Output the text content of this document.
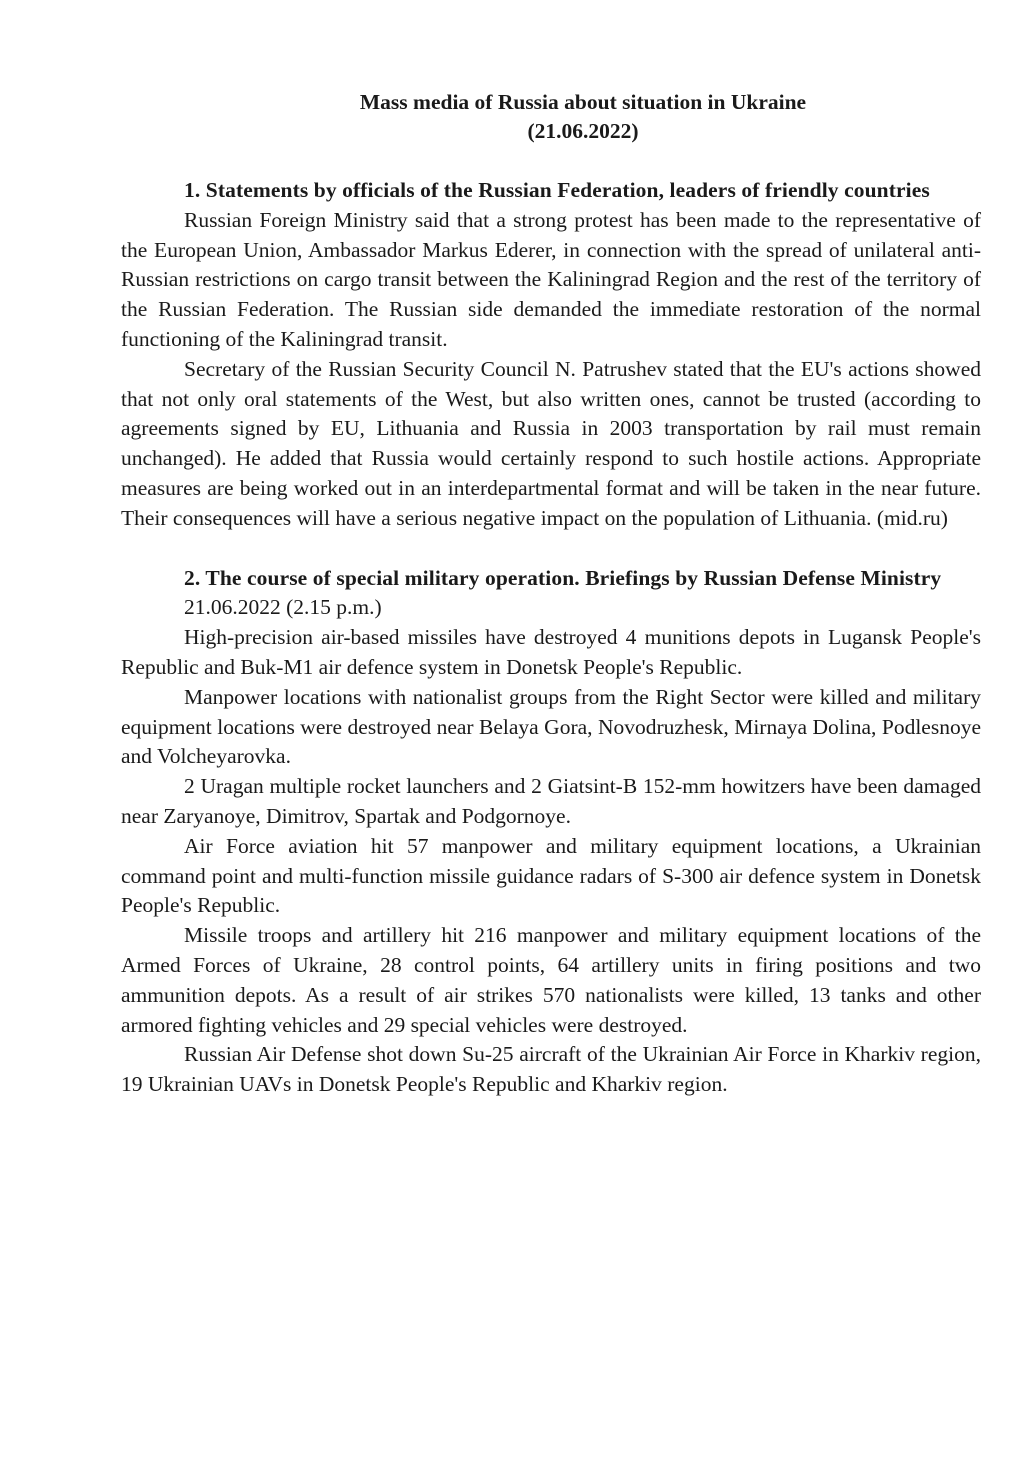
Mass media of Russia about situation in Ukraine
(21.06.2022)

1. Statements by officials of the Russian Federation, leaders of friendly countries

Russian Foreign Ministry said that a strong protest has been made to the representative of the European Union, Ambassador Markus Ederer, in connection with the spread of unilateral anti-Russian restrictions on cargo transit between the Kaliningrad Region and the rest of the territory of the Russian Federation. The Russian side demanded the immediate restoration of the normal functioning of the Kaliningrad transit.

Secretary of the Russian Security Council N. Patrushev stated that the EU's actions showed that not only oral statements of the West, but also written ones, cannot be trusted (according to agreements signed by EU, Lithuania and Russia in 2003 transportation by rail must remain unchanged). He added that Russia would certainly respond to such hostile actions. Appropriate measures are being worked out in an interdepartmental format and will be taken in the near future. Their consequences will have a serious negative impact on the population of Lithuania. (mid.ru)

2. The course of special military operation. Briefings by Russian Defense Ministry

21.06.2022 (2.15 p.m.)

High-precision air-based missiles have destroyed 4 munitions depots in Lugansk People's Republic and Buk-M1 air defence system in Donetsk People's Republic.

Manpower locations with nationalist groups from the Right Sector were killed and military equipment locations were destroyed near Belaya Gora, Novodruzhesk, Mirnaya Dolina, Podlesnoye and Volcheyarovka.

2 Uragan multiple rocket launchers and 2 Giatsint-B 152-mm howitzers have been damaged near Zaryanoye, Dimitrov, Spartak and Podgornoye.

Air Force aviation hit 57 manpower and military equipment locations, a Ukrainian command point and multi-function missile guidance radars of S-300 air defence system in Donetsk People's Republic.

Missile troops and artillery hit 216 manpower and military equipment locations of the Armed Forces of Ukraine, 28 control points, 64 artillery units in firing positions and two ammunition depots. As a result of air strikes 570 nationalists were killed, 13 tanks and other armored fighting vehicles and 29 special vehicles were destroyed.

Russian Air Defense shot down Su-25 aircraft of the Ukrainian Air Force in Kharkiv region, 19 Ukrainian UAVs in Donetsk People's Republic and Kharkiv region.
